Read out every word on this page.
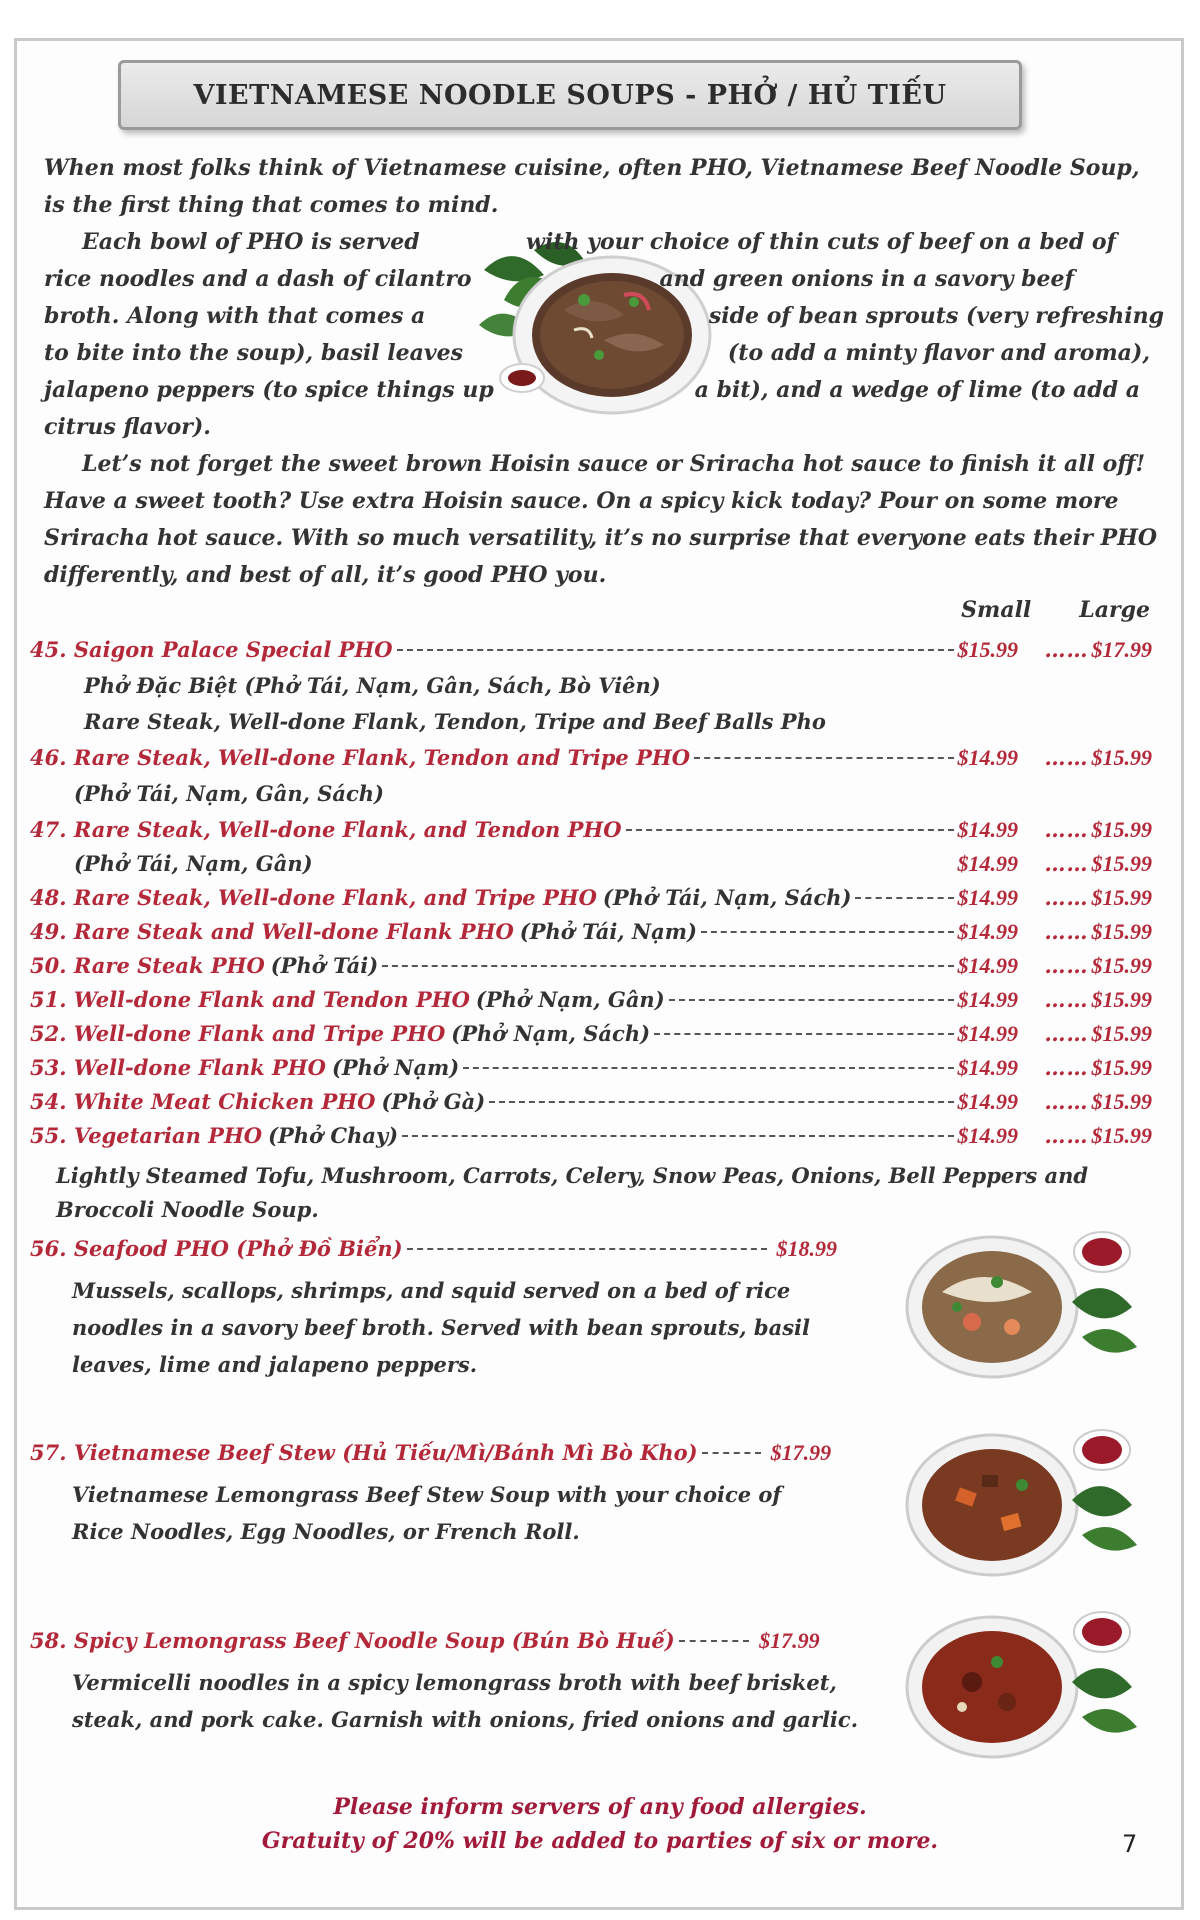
VIETNAMESE NOODLE SOUPS - PHỞ / HỦ TIẾU

When most folks think of Vietnamese cuisine, often PHO, Vietnamese Beef Noodle Soup,

is the first thing that comes to mind.

Each bowl of PHO is served	with your choice of thin cuts of beef on a bed of

rice noodles and a dash of cilantro	and green onions in a savory beef

broth. Along with that comes a	side of bean sprouts (very refreshing

to bite into the soup), basil leaves	(to add a minty flavor and aroma),

jalapeno peppers (to spice things up	a bit), and a wedge of lime (to add a

citrus flavor).

Let’s not forget the sweet brown Hoisin sauce or Sriracha hot sauce to finish it all off!

Have a sweet tooth? Use extra Hoisin sauce. On a spicy kick today? Pour on some more

Sriracha hot sauce. With so much versatility, it’s no surprise that everyone eats their PHO

differently, and best of all, it’s good PHO you.

Small Large
45. Saigon Palace Special PHO	$15.99	…… $17.99
Phở Đặc Biệt (Phở Tái, Nạm, Gân, Sách, Bò Viên)
Rare Steak, Well-done Flank, Tendon, Tripe and Beef Balls Pho
46. Rare Steak, Well-done Flank, Tendon and Tripe PHO	$14.99	…… $15.99
(Phở Tái, Nạm, Gân, Sách)
47. Rare Steak, Well-done Flank, and Tendon PHO	$14.99	…… $15.99
(Phở Tái, Nạm, Gân)	$14.99	…… $15.99
48. Rare Steak, Well-done Flank, and Tripe PHO (Phở Tái, Nạm, Sách)	$14.99	…… $15.99
49. Rare Steak and Well-done Flank PHO (Phở Tái, Nạm)	$14.99	…… $15.99
50. Rare Steak PHO (Phở Tái)	$14.99	…… $15.99
51. Well-done Flank and Tendon PHO (Phở Nạm, Gân)	$14.99	…… $15.99
52. Well-done Flank and Tripe PHO (Phở Nạm, Sách)	$14.99	…… $15.99
53. Well-done Flank PHO (Phở Nạm)	$14.99	…… $15.99
54. White Meat Chicken PHO (Phở Gà)	$14.99	…… $15.99
55. Vegetarian PHO (Phở Chay)	$14.99	…… $15.99
Lightly Steamed Tofu, Mushroom, Carrots, Celery, Snow Peas, Onions, Bell Peppers and
Broccoli Noodle Soup.
56. Seafood PHO (Phở Đồ Biển)	$18.99
Mussels, scallops, shrimps, and squid served on a bed of rice
noodles in a savory beef broth. Served with bean sprouts, basil
leaves, lime and jalapeno peppers.
57. Vietnamese Beef Stew (Hủ Tiếu/Mì/Bánh Mì Bò Kho)	$17.99
Vietnamese Lemongrass Beef Stew Soup with your choice of
Rice Noodles, Egg Noodles, or French Roll.
58. Spicy Lemongrass Beef Noodle Soup (Bún Bò Huế)	$17.99
Vermicelli noodles in a spicy lemongrass broth with beef brisket,
steak, and pork cake. Garnish with onions, fried onions and garlic.
Please inform servers of any food allergies.
Gratuity of 20% will be added to parties of six or more.	7
